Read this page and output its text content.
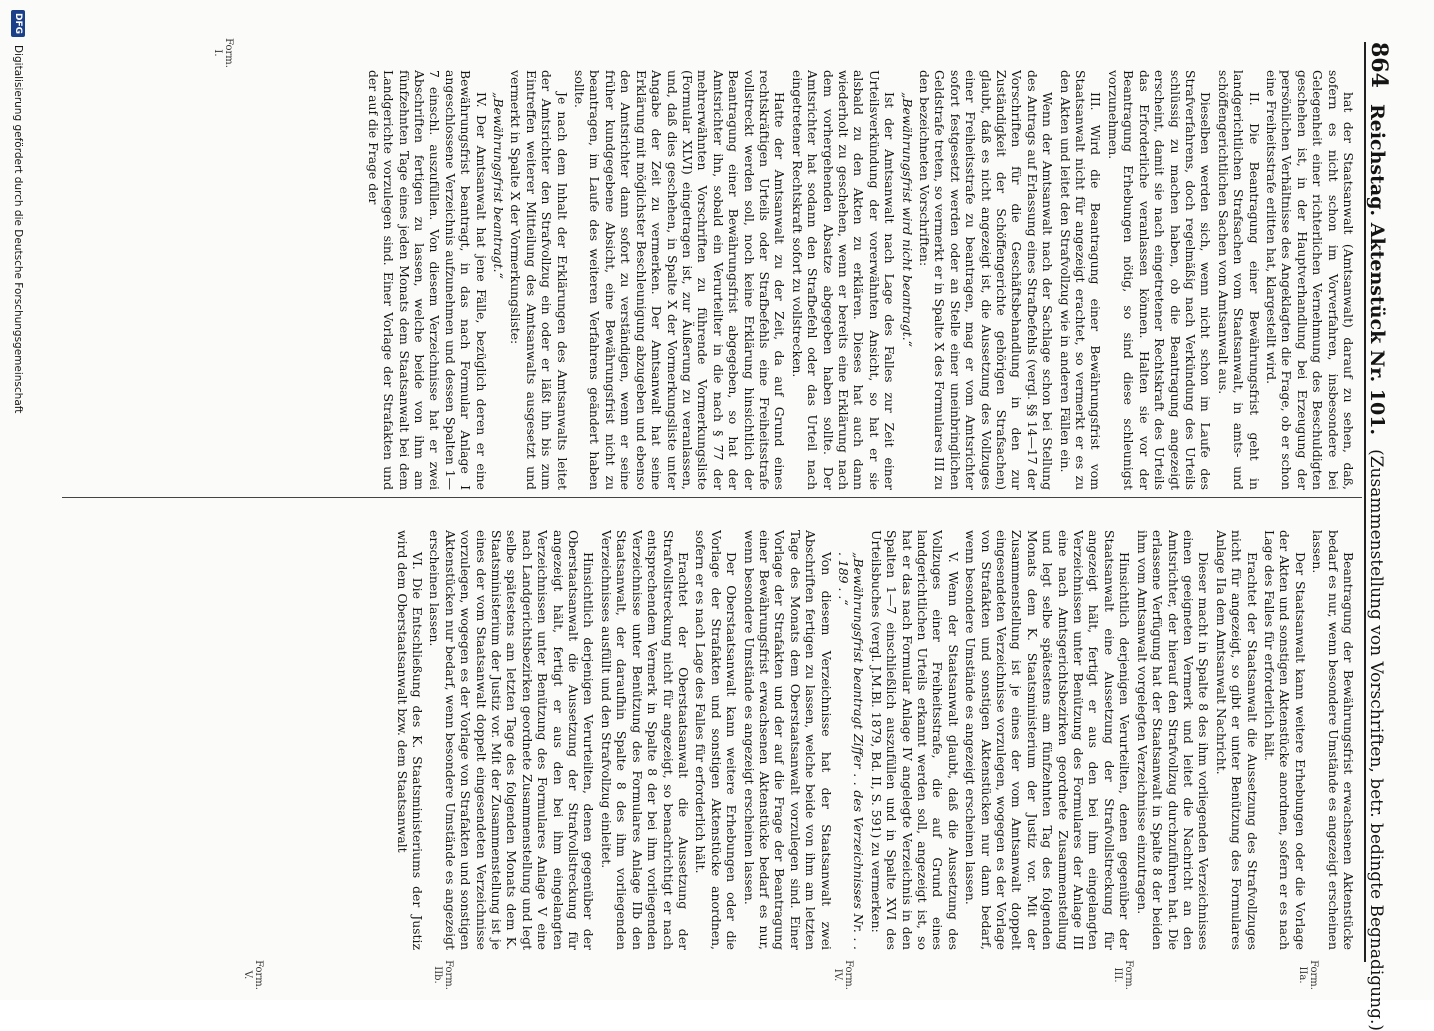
864
Reichstag. Aktenstück Nr. 101.
(Zusammenstellung von Vorschriften, betr. bedingte Begnadigung.)
Form. I.

hat der Staatsanwalt (Amtsanwalt) darauf zu sehen, daß, sofern es nicht schon im Vorverfahren, insbesondere bei Gelegenheit einer richterlichen Vernehmung des Beschuldigten geschehen ist, in der Hauptverhandlung bei Erzeugung der persönlichen Verhältnisse des Angeklagten die Frage, ob er schon eine Freiheitsstrafe erlitten hat, klargestellt wird.

II. Die Beantragung einer Bewährungsfrist geht in landgerichtlichen Strafsachen vom Staatsanwalt, in amts- und schöffengerichtlichen Sachen vom Amtsanwalt aus.

Dieselben werden sich, wenn nicht schon im Laufe des Strafverfahrens, doch regelmäßig nach Verkündung des Urteils schlüssig zu machen haben, ob die Beantragung angezeigt erscheint, damit sie nach eingetretener Rechtskraft des Urteils das Erforderliche veranlassen können. Halten sie vor der Beantragung Erhebungen nötig, so sind diese schleunigst vorzunehmen.

III. Wird die Beantragung einer Bewährungsfrist vom Staatsanwalt nicht für angezeigt erachtet, so vermerkt er es zu den Akten und leitet den Strafvollzug wie in anderen Fällen ein.

Wenn der Amtsanwalt nach der Sachlage schon bei Stellung des Antrags auf Erlassung eines Strafbefehls (vergl. §§ 14—17 der Vorschriften für die Geschäftsbehandlung in den zur Zuständigkeit der Schöffengerichte gehörigen Strafsachen) glaubt, daß es nicht angezeigt ist, die Aussetzung des Vollzuges einer Freiheitsstrafe zu beantragen, mag er vom Amtsrichter sofort festgesetzt werden oder an Stelle einer uneinbringlichen Geldstrafe treten, so vermerkt er in Spalte X des Formulares III zu den bezeichneten Vorschriften:

„Bewährungsfrist wird nicht beantragt.“

Ist der Amtsanwalt nach Lage des Falles zur Zeit einer Urteilsverkündung der vorerwähnten Ansicht, so hat er sie alsbald zu den Akten zu erklären. Dieses hat auch dann wiederholt zu geschehen, wenn er bereits eine Erklärung nach dem vorhergehenden Absatze abgegeben haben sollte. Der Amtsrichter hat sodann den Strafbefehl oder das Urteil nach eingetretener Rechtskraft sofort zu vollstrecken.

Hatte der Amtsanwalt zu der Zeit, da auf Grund eines rechtskräftigen Urteils oder Strafbefehls eine Freiheitsstrafe vollstreckt werden soll, noch keine Erklärung hinsichtlich der Beantragung einer Bewährungsfrist abgegeben, so hat der Amtsrichter ihn, sobald ein Verurteilter in die nach § 77 der mehrerwähnten Vorschriften zu führende Vormerkungsliste (Formular XLVI) eingetragen ist, zur Äußerung zu veranlassen, und, daß dies geschehen, in Spalte X der Vormerkungsliste unter Angabe der Zeit zu vermerken. Der Amtsanwalt hat seine Erklärung mit möglichster Beschleunigung abzugeben und ebenso den Amtsrichter dann sofort zu verständigen, wenn er seine früher kundgegebene Absicht, eine Bewährungsfrist nicht zu beantragen, im Laufe des weiteren Verfahrens geändert haben sollte.

Je nach dem Inhalt der Erklärungen des Amtsanwalts leitet der Amtsrichter den Strafvollzug ein oder er läßt ihn bis zum Eintreffen weiterer Mitteilung des Amtsanwalts ausgesetzt und vermerkt in Spalte X der Vormerkungsliste:

„Bewährungsfrist beantragt.“

IV. Der Amtsanwalt hat jene Fälle, bezüglich deren er eine Bewährungsfrist beantragt, in das nach Formular Anlage I angeschlossene Verzeichnis aufzunehmen und dessen Spalten 1—7 einschl. auszufüllen. Von diesem Verzeichnisse hat er zwei Abschriften fertigen zu lassen, welche beide von ihm am fünfzehnten Tage eines jeden Monats dem Staatsanwalt bei dem Landgerichte vorzulegen sind. Einer Vorlage der Strafakten und der auf die Frage der

Beantragung der Bewährungsfrist erwachsenen Aktenstücke bedarf es nur, wenn besondere Umstände es angezeigt erscheinen lassen.

Der Staatsanwalt kann weitere Erhebungen oder die Vorlage der Akten und sonstigen Aktenstücke anordnen, sofern er es nach Lage des Falles für erforderlich hält.

Erachtet der Staatsanwalt die Aussetzung des Strafvollzuges nicht für angezeigt, so gibt er unter Benützung des Formulares Anlage IIa dem Amtsanwalt Nachricht.

Dieser macht in Spalte 8 des ihm vorliegenden Verzeichnisses einen geeigneten Vermerk und leitet die Nachricht an den Amtsrichter, der hierauf den Strafvollzug durchzuführen hat. Die erlassene Verfügung hat der Staatsanwalt in Spalte 8 der beiden ihm vom Amtsanwalt vorgelegten Verzeichnisse einzutragen.

Hinsichtlich derjenigen Verurteilten, denen gegenüber der Staatsanwalt eine Aussetzung der Strafvollstreckung für angezeigt hält, fertigt er aus den bei ihm eingelangten Verzeichnissen unter Benützung des Formulares der Anlage III eine nach Amtsgerichtsbezirken geordnete Zusammenstellung und legt selbe spätestens am fünfzehnten Tag des folgenden Monats dem K. Staatsministerium der Justiz vor. Mit der Zusammenstellung ist je eines der vom Amtsanwalt doppelt eingesendeten Verzeichnisse vorzulegen, wogegen es der Vorlage von Strafakten und sonstigen Aktenstücken nur dann bedarf, wenn besondere Umstände es angezeigt erscheinen lassen.

V. Wenn der Staatsanwalt glaubt, daß die Aussetzung des Vollzuges einer Freiheitsstrafe, die auf Grund eines landgerichtlichen Urteils erkannt werden soll, angezeigt ist, so hat er das nach Formular Anlage IV angelegte Verzeichnis in den Spalten 1—7 einschließlich auszufüllen und in Spalte XVI des Urteilsbuches (vergl. J.M.Bl. 1879, Bd. II, S. 591) zu vermerken:

„Bewährungsfrist beantragt Ziffer . . des Verzeichnisses Nr. . . . 189 . .“

Von diesem Verzeichnisse hat der Staatsanwalt zwei Abschriften fertigen zu lassen, welche beide von ihm am letzten Tage des Monats dem Oberstaatsanwalt vorzulegen sind. Einer Vorlage der Strafakten und der auf die Frage der Beantragung einer Bewährungsfrist erwachsenen Aktenstücke bedarf es nur, wenn besondere Umstände es angezeigt erscheinen lassen.

Der Oberstaatsanwalt kann weitere Erhebungen oder die Vorlage der Strafakten und sonstigen Aktenstücke anordnen, sofern er es nach Lage des Falles für erforderlich hält.

Erachtet der Oberstaatsanwalt die Aussetzung der Strafvollstreckung nicht für angezeigt, so benachrichtigt er nach entsprechendem Vermerk in Spalte 8 der bei ihm vorliegenden Verzeichnisse unter Benützung des Formulares Anlage IIb den Staatsanwalt, der daraufhin Spalte 8 des ihm vorliegenden Verzeichnisses ausfüllt und den Strafvollzug einleitet.

Hinsichtlich derjenigen Verurteilten, denen gegenüber der Oberstaatsanwalt die Aussetzung der Strafvollstreckung für angezeigt hält, fertigt er aus den bei ihm eingelangten Verzeichnissen unter Benützung des Formulares Anlage V eine nach Landgerichtsbezirken geordnete Zusammenstellung und legt selbe spätestens am letzten Tage des folgenden Monats dem K. Staatsministerium der Justiz vor. Mit der Zusammenstellung ist je eines der vom Staatsanwalt doppelt eingesendeten Verzeichnisse vorzulegen, wogegen es der Vorlage von Strafakten und sonstigen Aktenstücken nur bedarf, wenn besondere Umstände es angezeigt erscheinen lassen.

VI. Die Entschließung des K. Staatsministeriums der Justiz wird dem Oberstaatsanwalt bzw. dem Staatsanwalt

Form. IIa.
Form. III.
Form. IV.
Form. IIb.
Form. V.
DFG
Digitalisierung gefördert durch die Deutsche Forschungsgemeinschaft
